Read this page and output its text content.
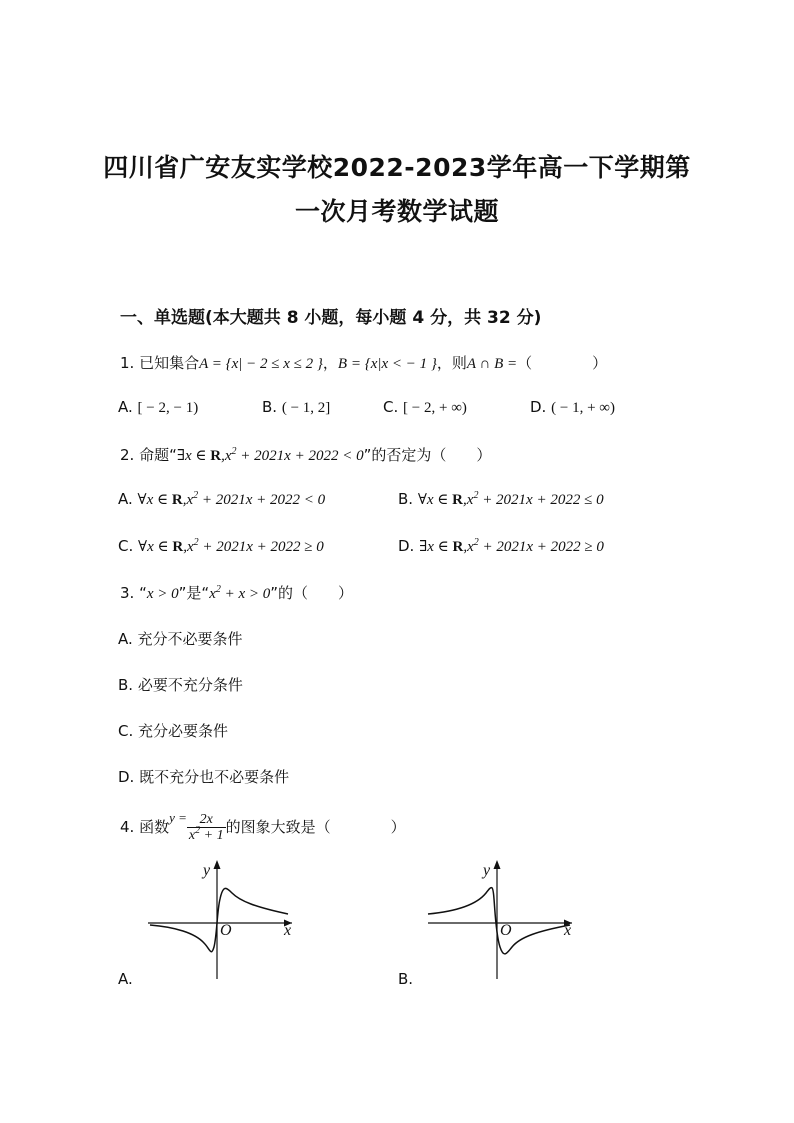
四川省广安友实学校2022-2023学年高一下学期第
一次月考数学试题
一、单选题(本大题共 8 小题，每小题 4 分，共 32 分)
1. 已知集合A = {x| − 2 ≤ x ≤ 2 }，B = {x|x < − 1 }，则A ∩ B =（　　　　）
A. [ − 2, − 1)	B. ( − 1, 2]	C. [ − 2, + ∞)	D. ( − 1, + ∞)
2. 命题“∃x ∈ $R,x^2 + 2021x + 2022 < 0$”的否定为（　　）
A. ∀x ∈ $R,x^2 + 2021x + 2022 < 0$	B. ∀x ∈ $R,x^2 + 2021x + 2022 \le 0$
C. ∀x ∈ $R,x^2 + 2021x + 2022 \ge 0$	D. ∃x ∈ $R,x^2 + 2021x + 2022 \ge 0$
3. “x > 0”是“$x^2 + x > 0$”的（　　）
A. 充分不必要条件
B. 必要不充分条件
C. 充分必要条件
D. 既不充分也不必要条件
4. 函数$y = \frac{2x}{x^2 + 1}$ 的图象大致是（　　　　）
y
x
O
A.
y
x
O
B.
